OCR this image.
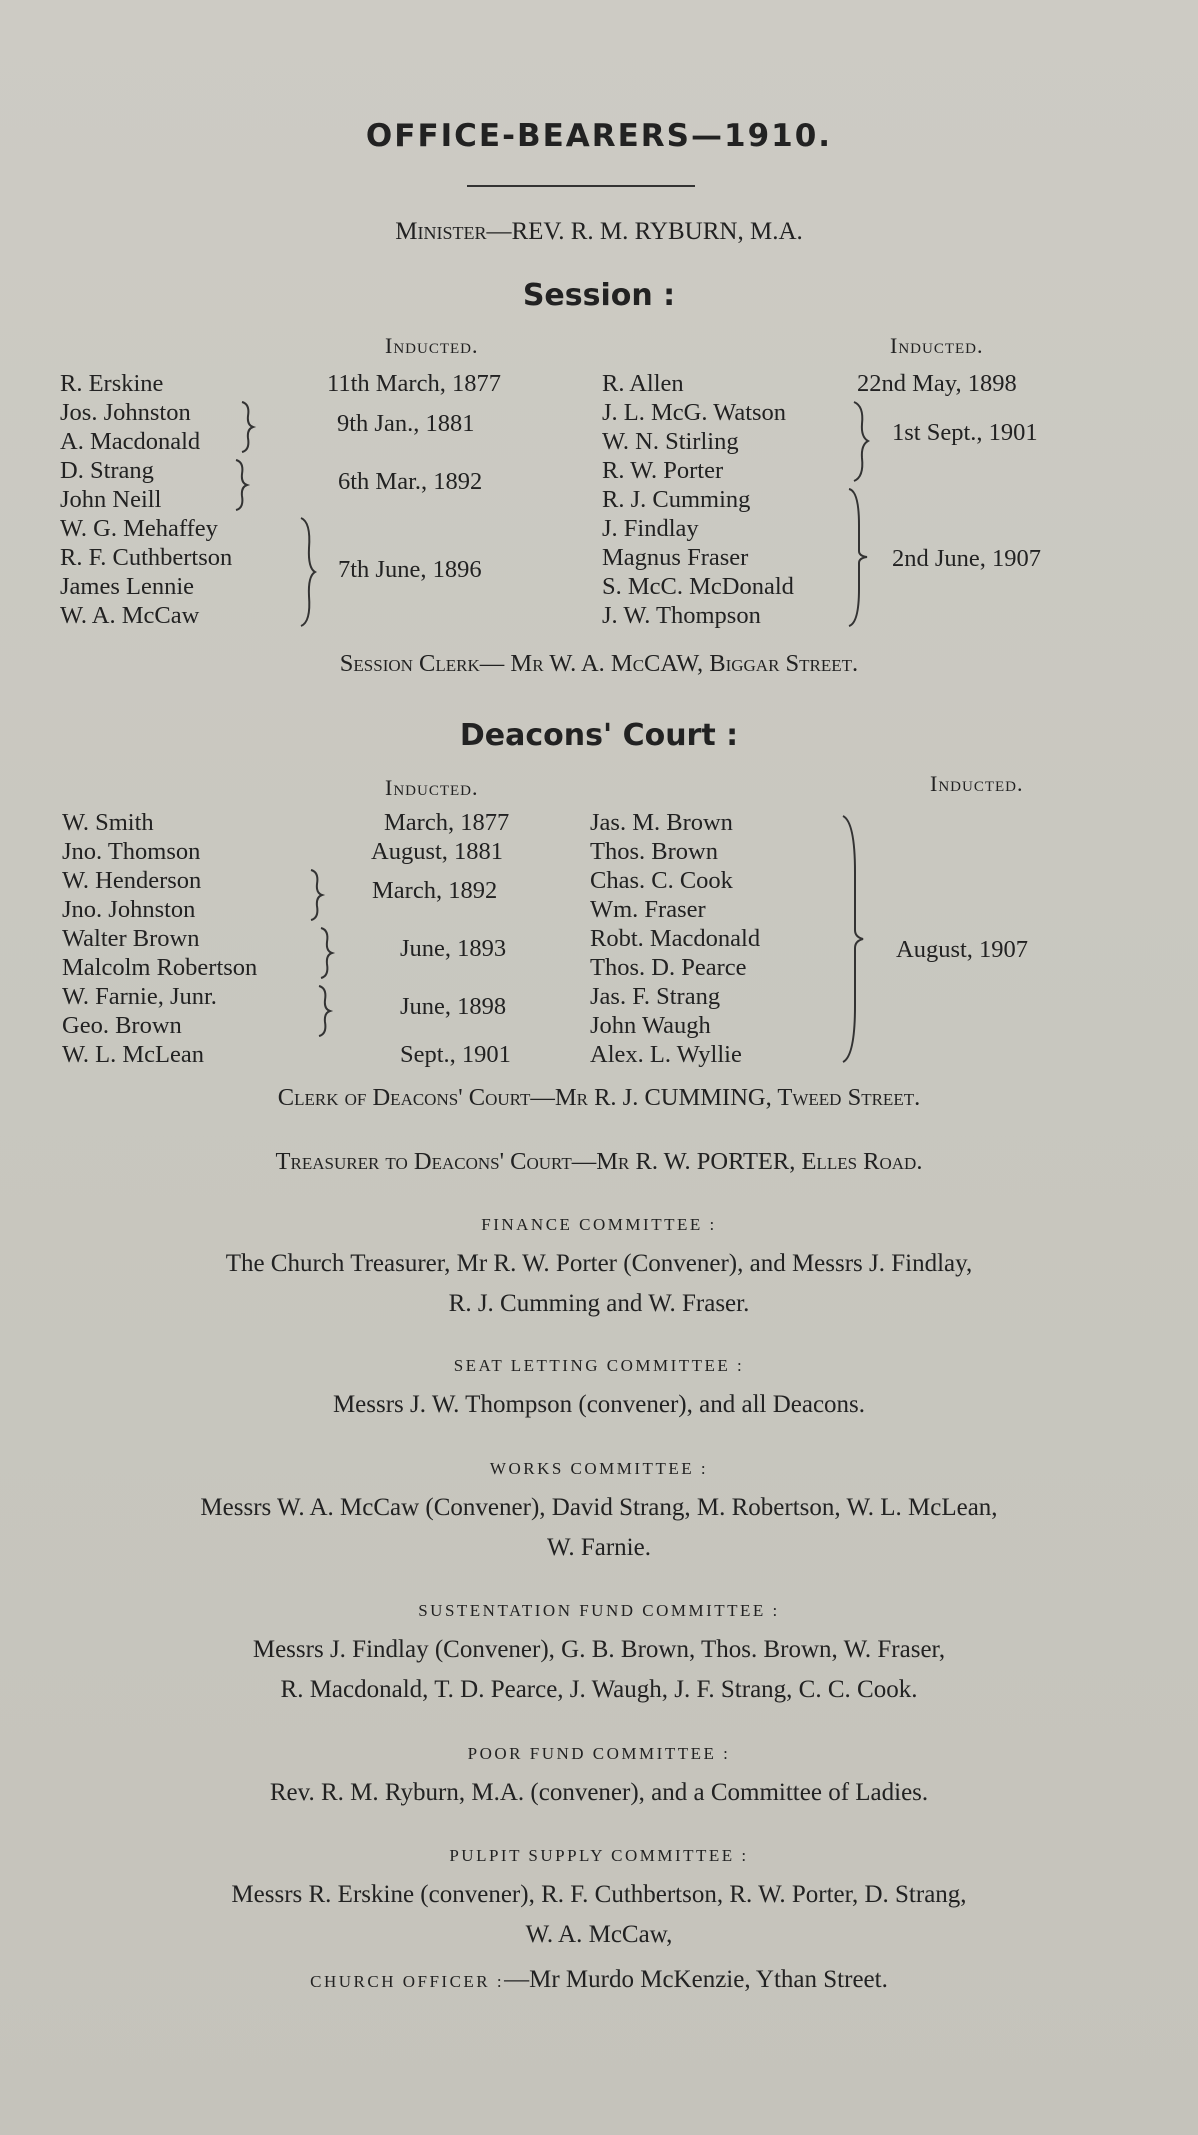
OFFICE-BEARERS—1910.
Minister—REV. R. M. RYBURN, M.A.
Session :
Inducted.	Inducted.
R. Erskine
Jos. Johnston
A. Macdonald
D. Strang
John Neill
W. G. Mehaffey
R. F. Cuthbertson
James Lennie
W. A. McCaw
11th March, 1877
9th Jan., 1881
6th Mar., 1892
7th June, 1896
R. Allen
J. L. McG. Watson
W. N. Stirling
R. W. Porter
R. J. Cumming
J. Findlay
Magnus Fraser
S. McC. McDonald
J. W. Thompson
22nd May, 1898
1st Sept., 1901
2nd June, 1907
Session Clerk— Mr W. A. McCAW, Biggar Street.
Deacons' Court :
Inducted.	Inducted.
W. Smith
Jno. Thomson
W. Henderson
Jno. Johnston
Walter Brown
Malcolm Robertson
W. Farnie, Junr.
Geo. Brown
W. L. McLean
March, 1877
August, 1881
March, 1892
June, 1893
June, 1898
Sept., 1901
Jas. M. Brown
Thos. Brown
Chas. C. Cook
Wm. Fraser
Robt. Macdonald
Thos. D. Pearce
Jas. F. Strang
John Waugh
Alex. L. Wyllie
August, 1907
Clerk of Deacons' Court—Mr R. J. CUMMING, Tweed Street.
Treasurer to Deacons' Court—Mr R. W. PORTER, Elles Road.
FINANCE COMMITTEE :
The Church Treasurer, Mr R. W. Porter (Convener), and Messrs J. Findlay,
R. J. Cumming and W. Fraser.
SEAT LETTING COMMITTEE :
Messrs J. W. Thompson (convener), and all Deacons.
WORKS COMMITTEE :
Messrs W. A. McCaw (Convener), David Strang, M. Robertson, W. L. McLean,
W. Farnie.
SUSTENTATION FUND COMMITTEE :
Messrs J. Findlay (Convener), G. B. Brown, Thos. Brown, W. Fraser,
R. Macdonald, T. D. Pearce, J. Waugh, J. F. Strang, C. C. Cook.
POOR FUND COMMITTEE :
Rev. R. M. Ryburn, M.A. (convener), and a Committee of Ladies.
PULPIT SUPPLY COMMITTEE :
Messrs R. Erskine (convener), R. F. Cuthbertson, R. W. Porter, D. Strang,
W. A. McCaw,
CHURCH OFFICER :—Mr Murdo McKenzie, Ythan Street.
